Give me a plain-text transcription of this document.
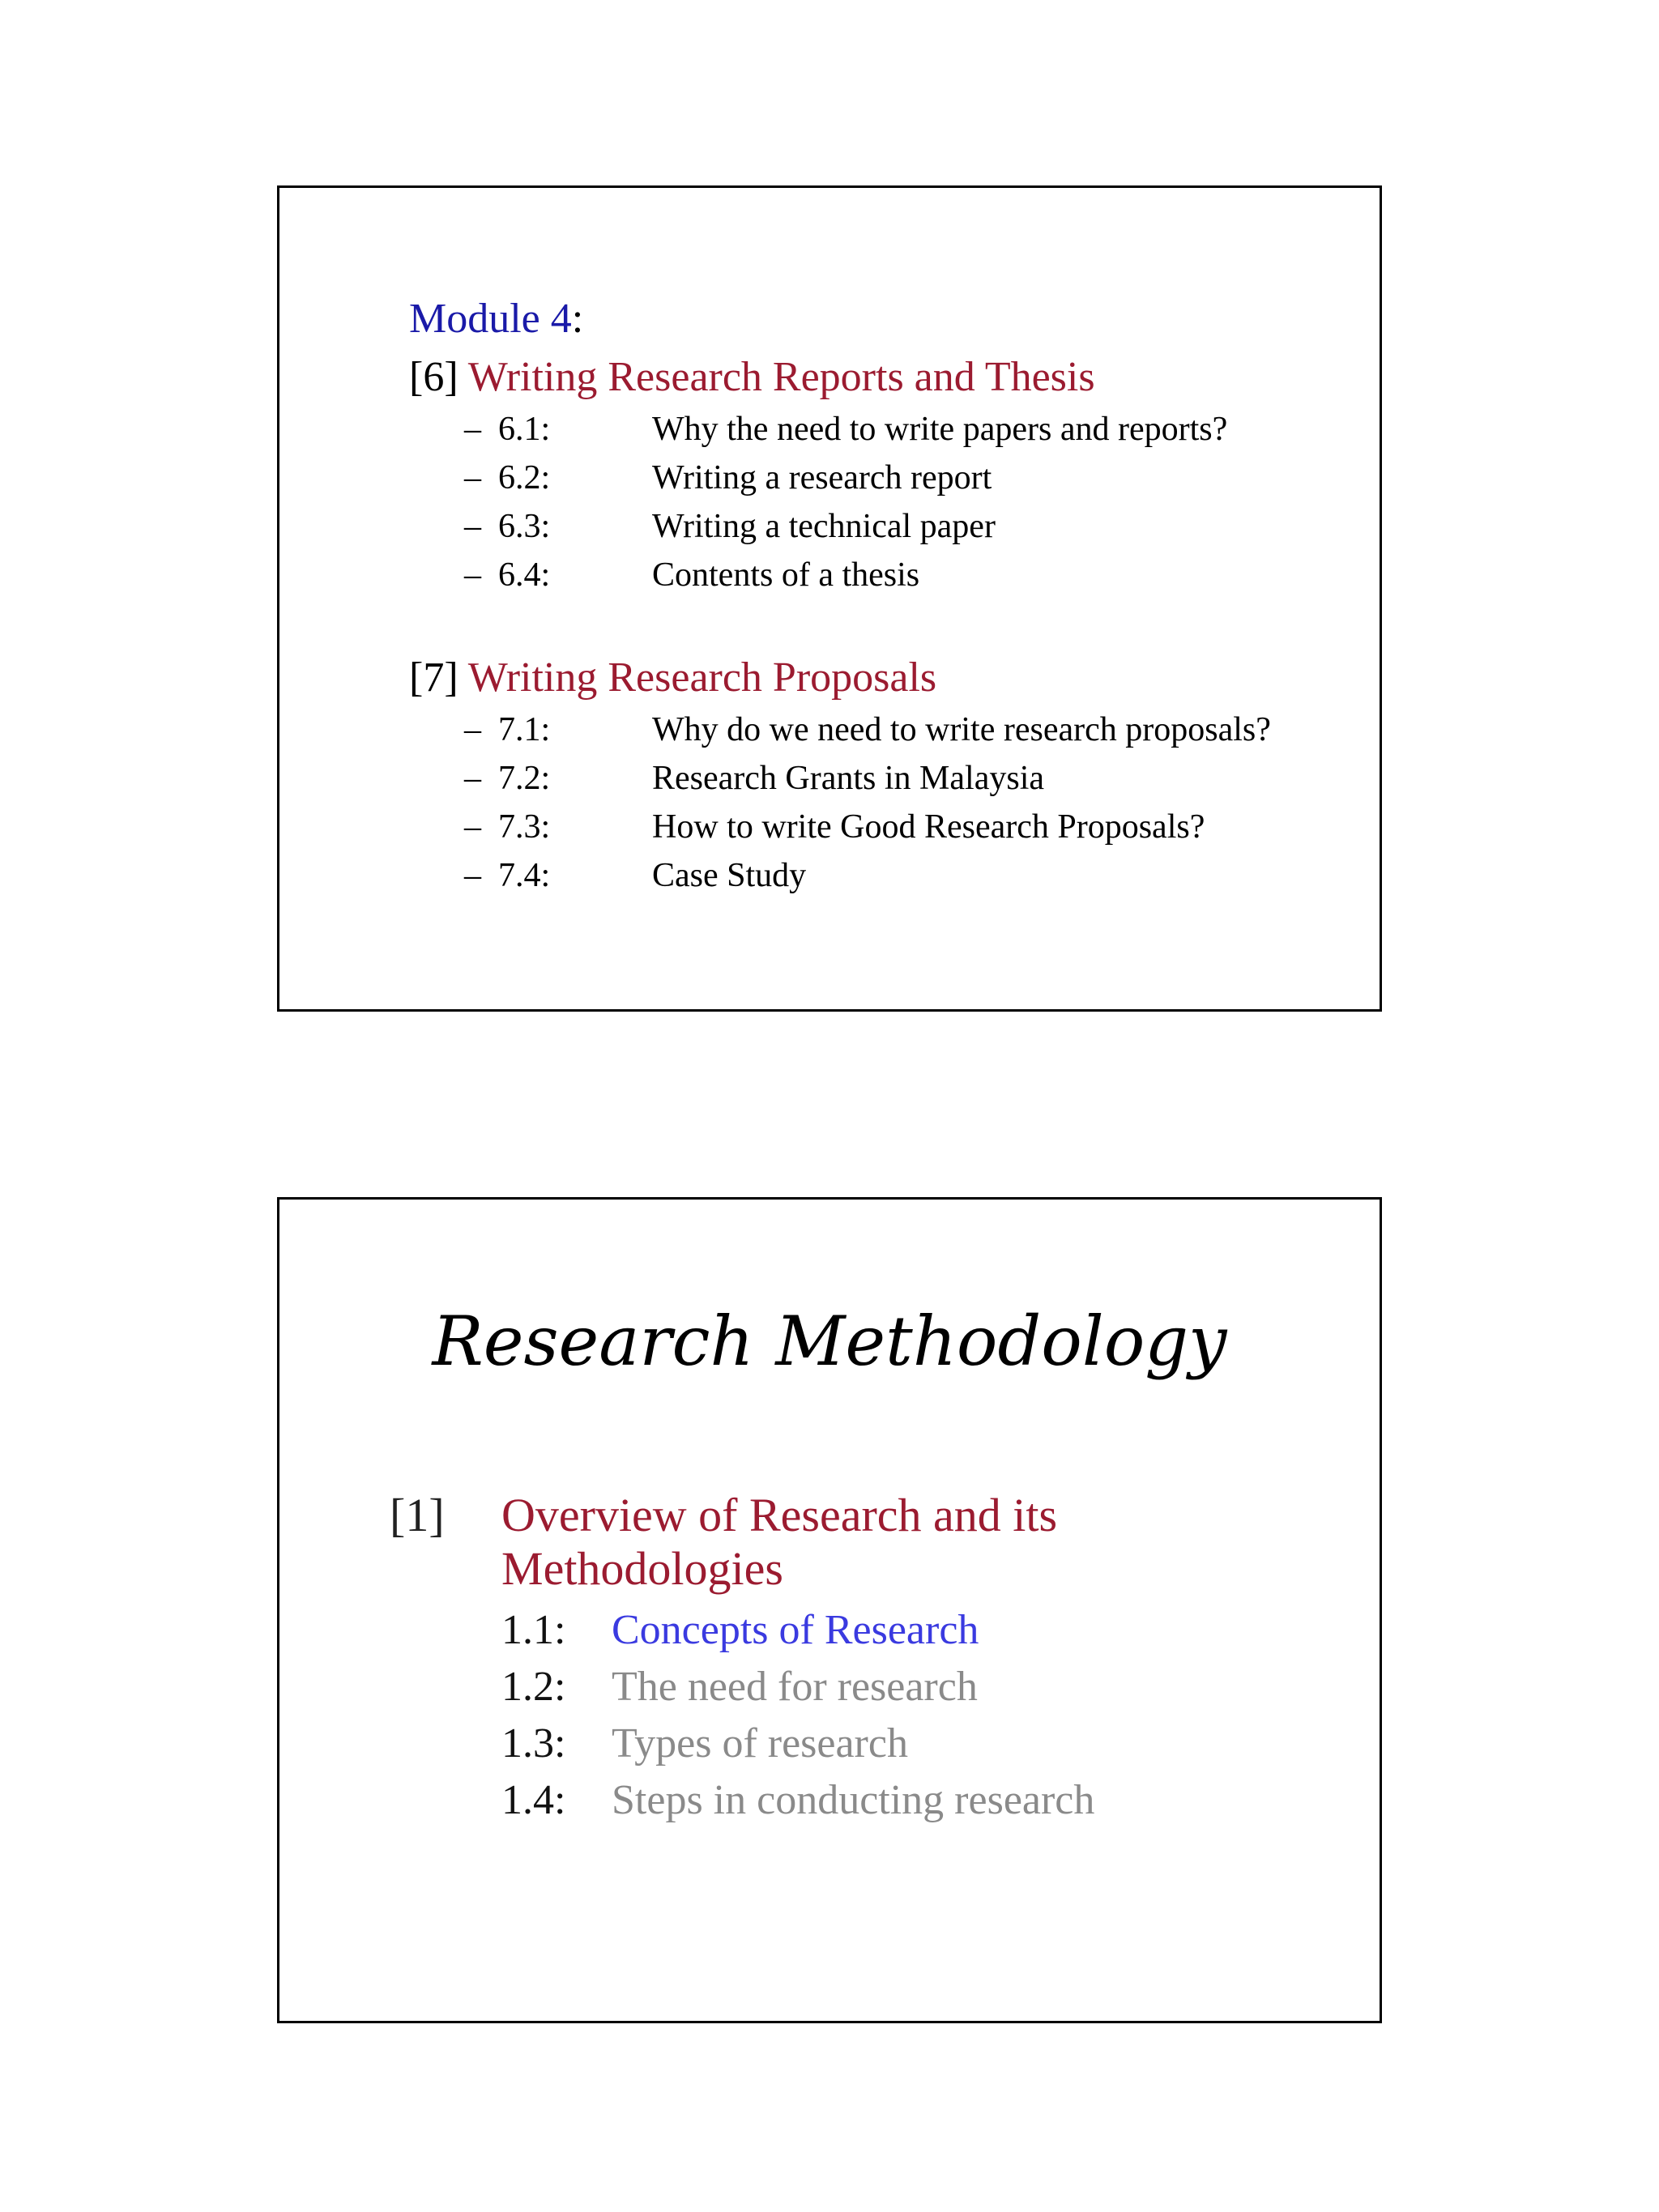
Module 4:
[6] Writing Research Reports and Thesis
– 6.1:	Why the need to write papers and reports?
– 6.2:	Writing a research report
– 6.3:	Writing a technical paper
– 6.4:	Contents of a thesis
[7] Writing Research Proposals
– 7.1:	Why do we need to write research proposals?
– 7.2:	Research Grants in Malaysia
– 7.3:	How to write Good Research Proposals?
– 7.4:	Case Study
Research Methodology
[1] Overview of Research and its
Methodologies
1.1: Concepts of Research
1.2: The need for research
1.3: Types of research
1.4: Steps in conducting research
